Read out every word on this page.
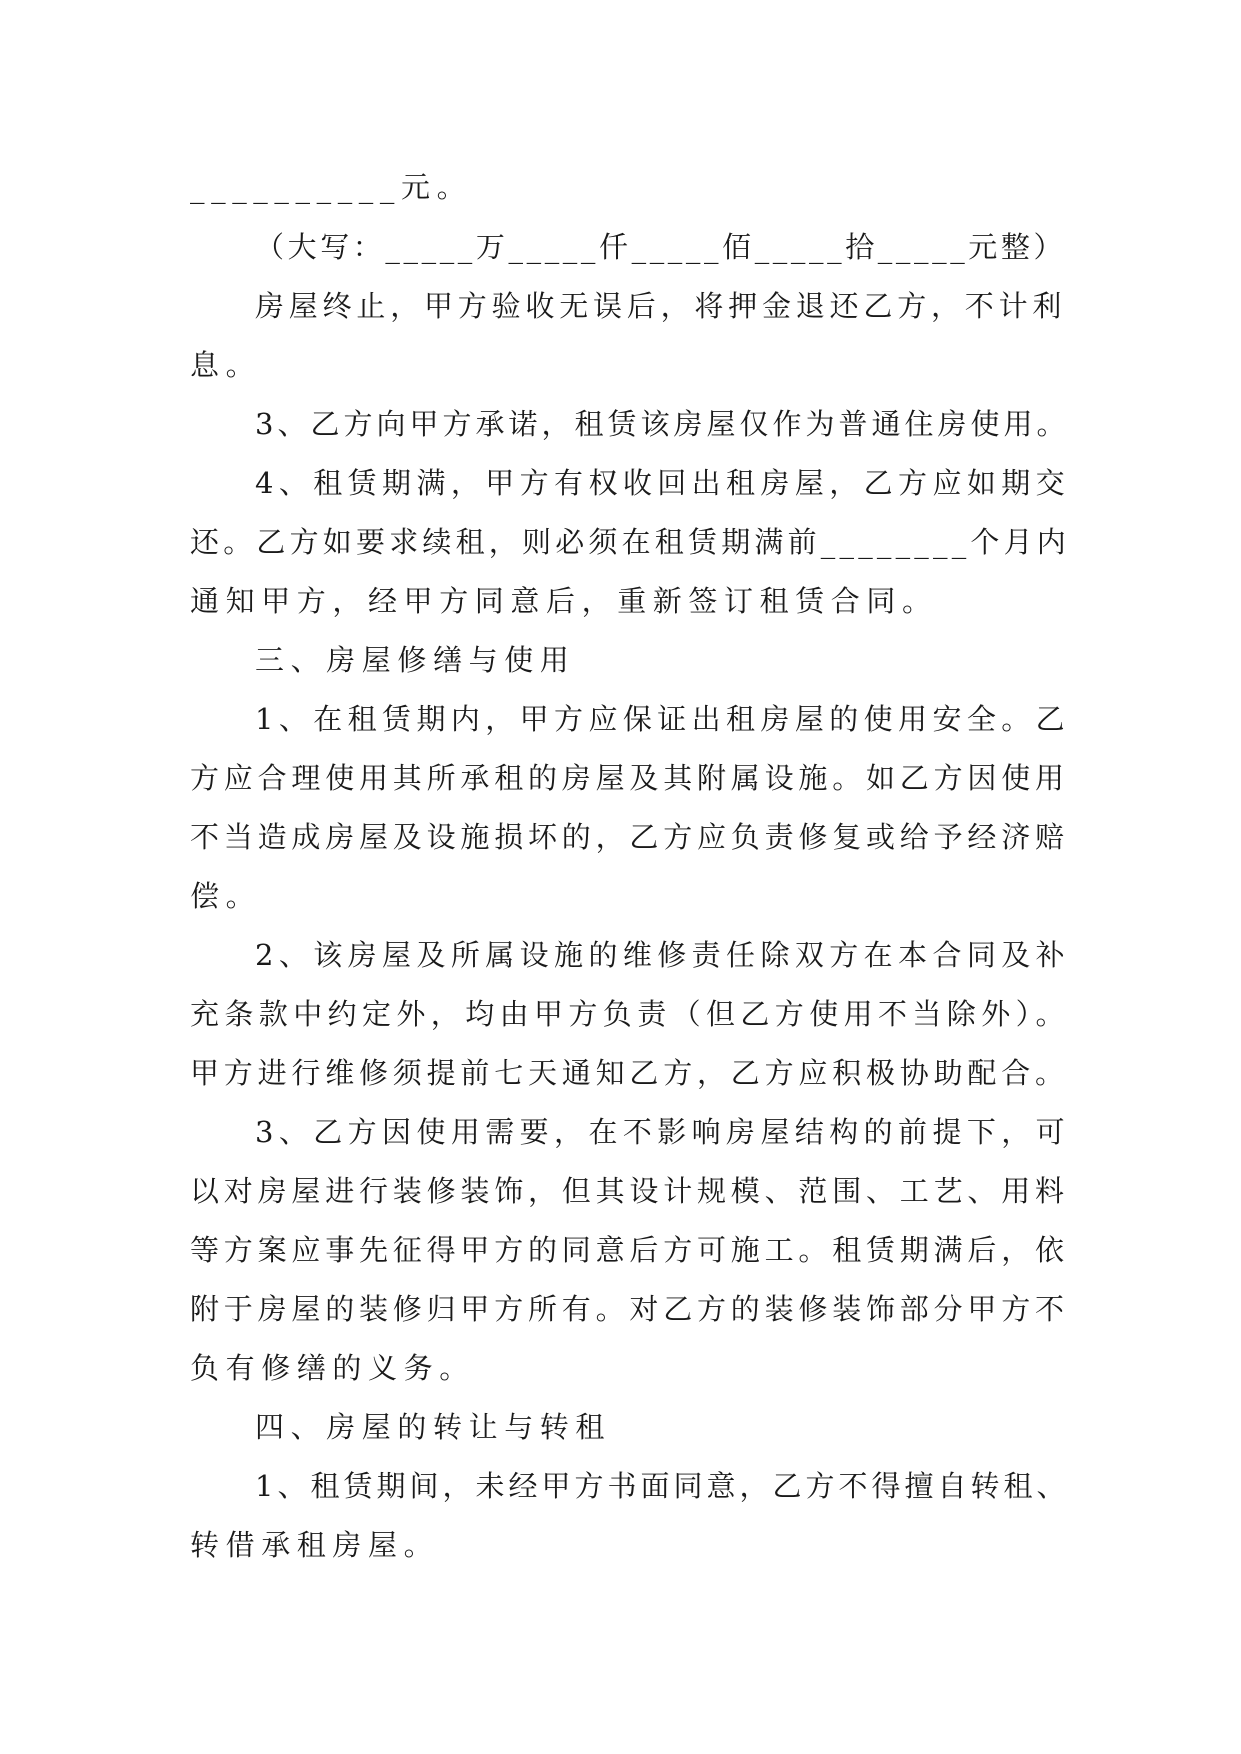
__________元。
（大写：_____万_____仟_____佰_____拾_____元整）
房屋终止，甲方验收无误后，将押金退还乙方，不计利
息。
3、乙方向甲方承诺，租赁该房屋仅作为普通住房使用。
4、租赁期满，甲方有权收回出租房屋，乙方应如期交
还。乙方如要求续租，则必须在租赁期满前________个月内
通知甲方，经甲方同意后，重新签订租赁合同。
三、房屋修缮与使用
1、在租赁期内，甲方应保证出租房屋的使用安全。乙
方应合理使用其所承租的房屋及其附属设施。如乙方因使用
不当造成房屋及设施损坏的，乙方应负责修复或给予经济赔
偿。
2、该房屋及所属设施的维修责任除双方在本合同及补
充条款中约定外，均由甲方负责（但乙方使用不当除外）。
甲方进行维修须提前七天通知乙方，乙方应积极协助配合。
3、乙方因使用需要，在不影响房屋结构的前提下，可
以对房屋进行装修装饰，但其设计规模、范围、工艺、用料
等方案应事先征得甲方的同意后方可施工。租赁期满后，依
附于房屋的装修归甲方所有。对乙方的装修装饰部分甲方不
负有修缮的义务。
四、房屋的转让与转租
1、租赁期间，未经甲方书面同意，乙方不得擅自转租、
转借承租房屋。
